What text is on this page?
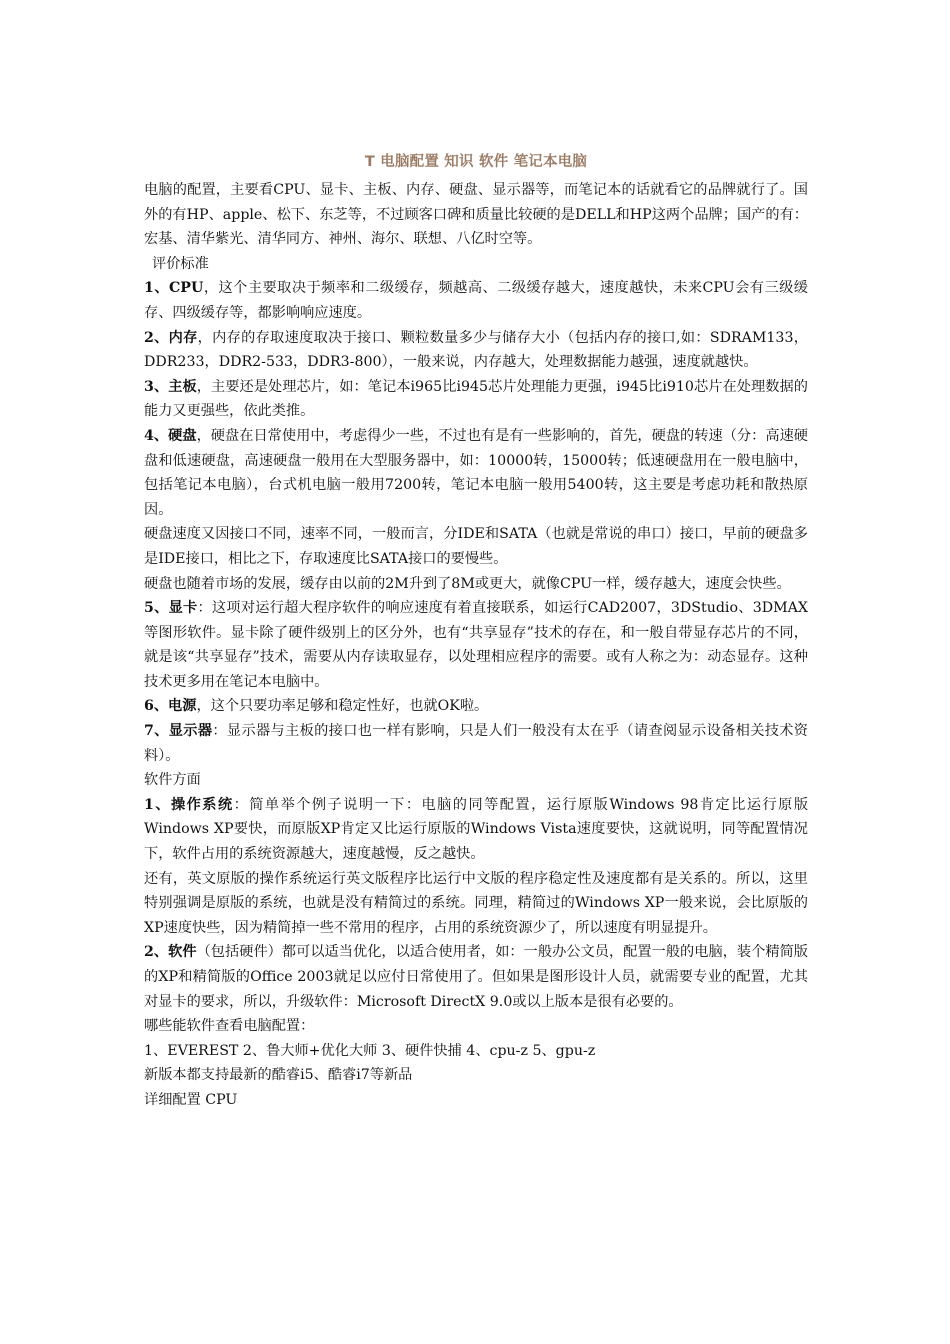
T 电脑配置 知识 软件 笔记本电脑

电脑的配置，主要看CPU、显卡、主板、内存、硬盘、显示器等，而笔记本的话就看它的品牌就行了。国外的有HP、apple、松下、东芝等，不过顾客口碑和质量比较硬的是DELL和HP这两个品牌；国产的有：宏基、清华紫光、清华同方、神州、海尔、联想、八亿时空等。

评价标准

1、CPU，这个主要取决于频率和二级缓存，频越高、二级缓存越大，速度越快，未来CPU会有三级缓存、四级缓存等，都影响响应速度。

2、内存，内存的存取速度取决于接口、颗粒数量多少与储存大小（包括内存的接口,如：SDRAM133，DDR233，DDR2-533，DDR3-800），一般来说，内存越大，处理数据能力越强，速度就越快。

3、主板，主要还是处理芯片，如：笔记本i965比i945芯片处理能力更强，i945比i910芯片在处理数据的能力又更强些，依此类推。

4、硬盘，硬盘在日常使用中，考虑得少一些，不过也有是有一些影响的，首先，硬盘的转速（分：高速硬盘和低速硬盘，高速硬盘一般用在大型服务器中，如：10000转，15000转；低速硬盘用在一般电脑中，包括笔记本电脑），台式机电脑一般用7200转，笔记本电脑一般用5400转，这主要是考虑功耗和散热原因。

硬盘速度又因接口不同，速率不同，一般而言，分IDE和SATA（也就是常说的串口）接口，早前的硬盘多是IDE接口，相比之下，存取速度比SATA接口的要慢些。

硬盘也随着市场的发展，缓存由以前的2M升到了8M或更大，就像CPU一样，缓存越大，速度会快些。

5、显卡：这项对运行超大程序软件的响应速度有着直接联系，如运行CAD2007，3DStudio、3DMAX等图形软件。显卡除了硬件级别上的区分外，也有“共享显存”技术的存在，和一般自带显存芯片的不同，就是该“共享显存”技术，需要从内存读取显存，以处理相应程序的需要。或有人称之为：动态显存。这种技术更多用在笔记本电脑中。

6、电源，这个只要功率足够和稳定性好，也就OK啦。

7、显示器：显示器与主板的接口也一样有影响，只是人们一般没有太在乎（请查阅显示设备相关技术资料）。

软件方面

1、操作系统：简单举个例子说明一下：电脑的同等配置，运行原版Windows 98肯定比运行原版Windows XP要快，而原版XP肯定又比运行原版的Windows Vista速度要快，这就说明，同等配置情况下，软件占用的系统资源越大，速度越慢，反之越快。

还有，英文原版的操作系统运行英文版程序比运行中文版的程序稳定性及速度都有是关系的。所以，这里特别强调是原版的系统，也就是没有精简过的系统。同理，精简过的Windows XP一般来说，会比原版的XP速度快些，因为精简掉一些不常用的程序，占用的系统资源少了，所以速度有明显提升。

2、软件（包括硬件）都可以适当优化，以适合使用者，如：一般办公文员，配置一般的电脑，装个精简版的XP和精简版的Office 2003就足以应付日常使用了。但如果是图形设计人员，就需要专业的配置，尤其对显卡的要求，所以，升级软件：Microsoft DirectX 9.0或以上版本是很有必要的。

哪些能软件查看电脑配置：

1、EVEREST 2、鲁大师+优化大师 3、硬件快捕 4、cpu-z 5、gpu-z

新版本都支持最新的酷睿i5、酷睿i7等新品

详细配置 CPU
